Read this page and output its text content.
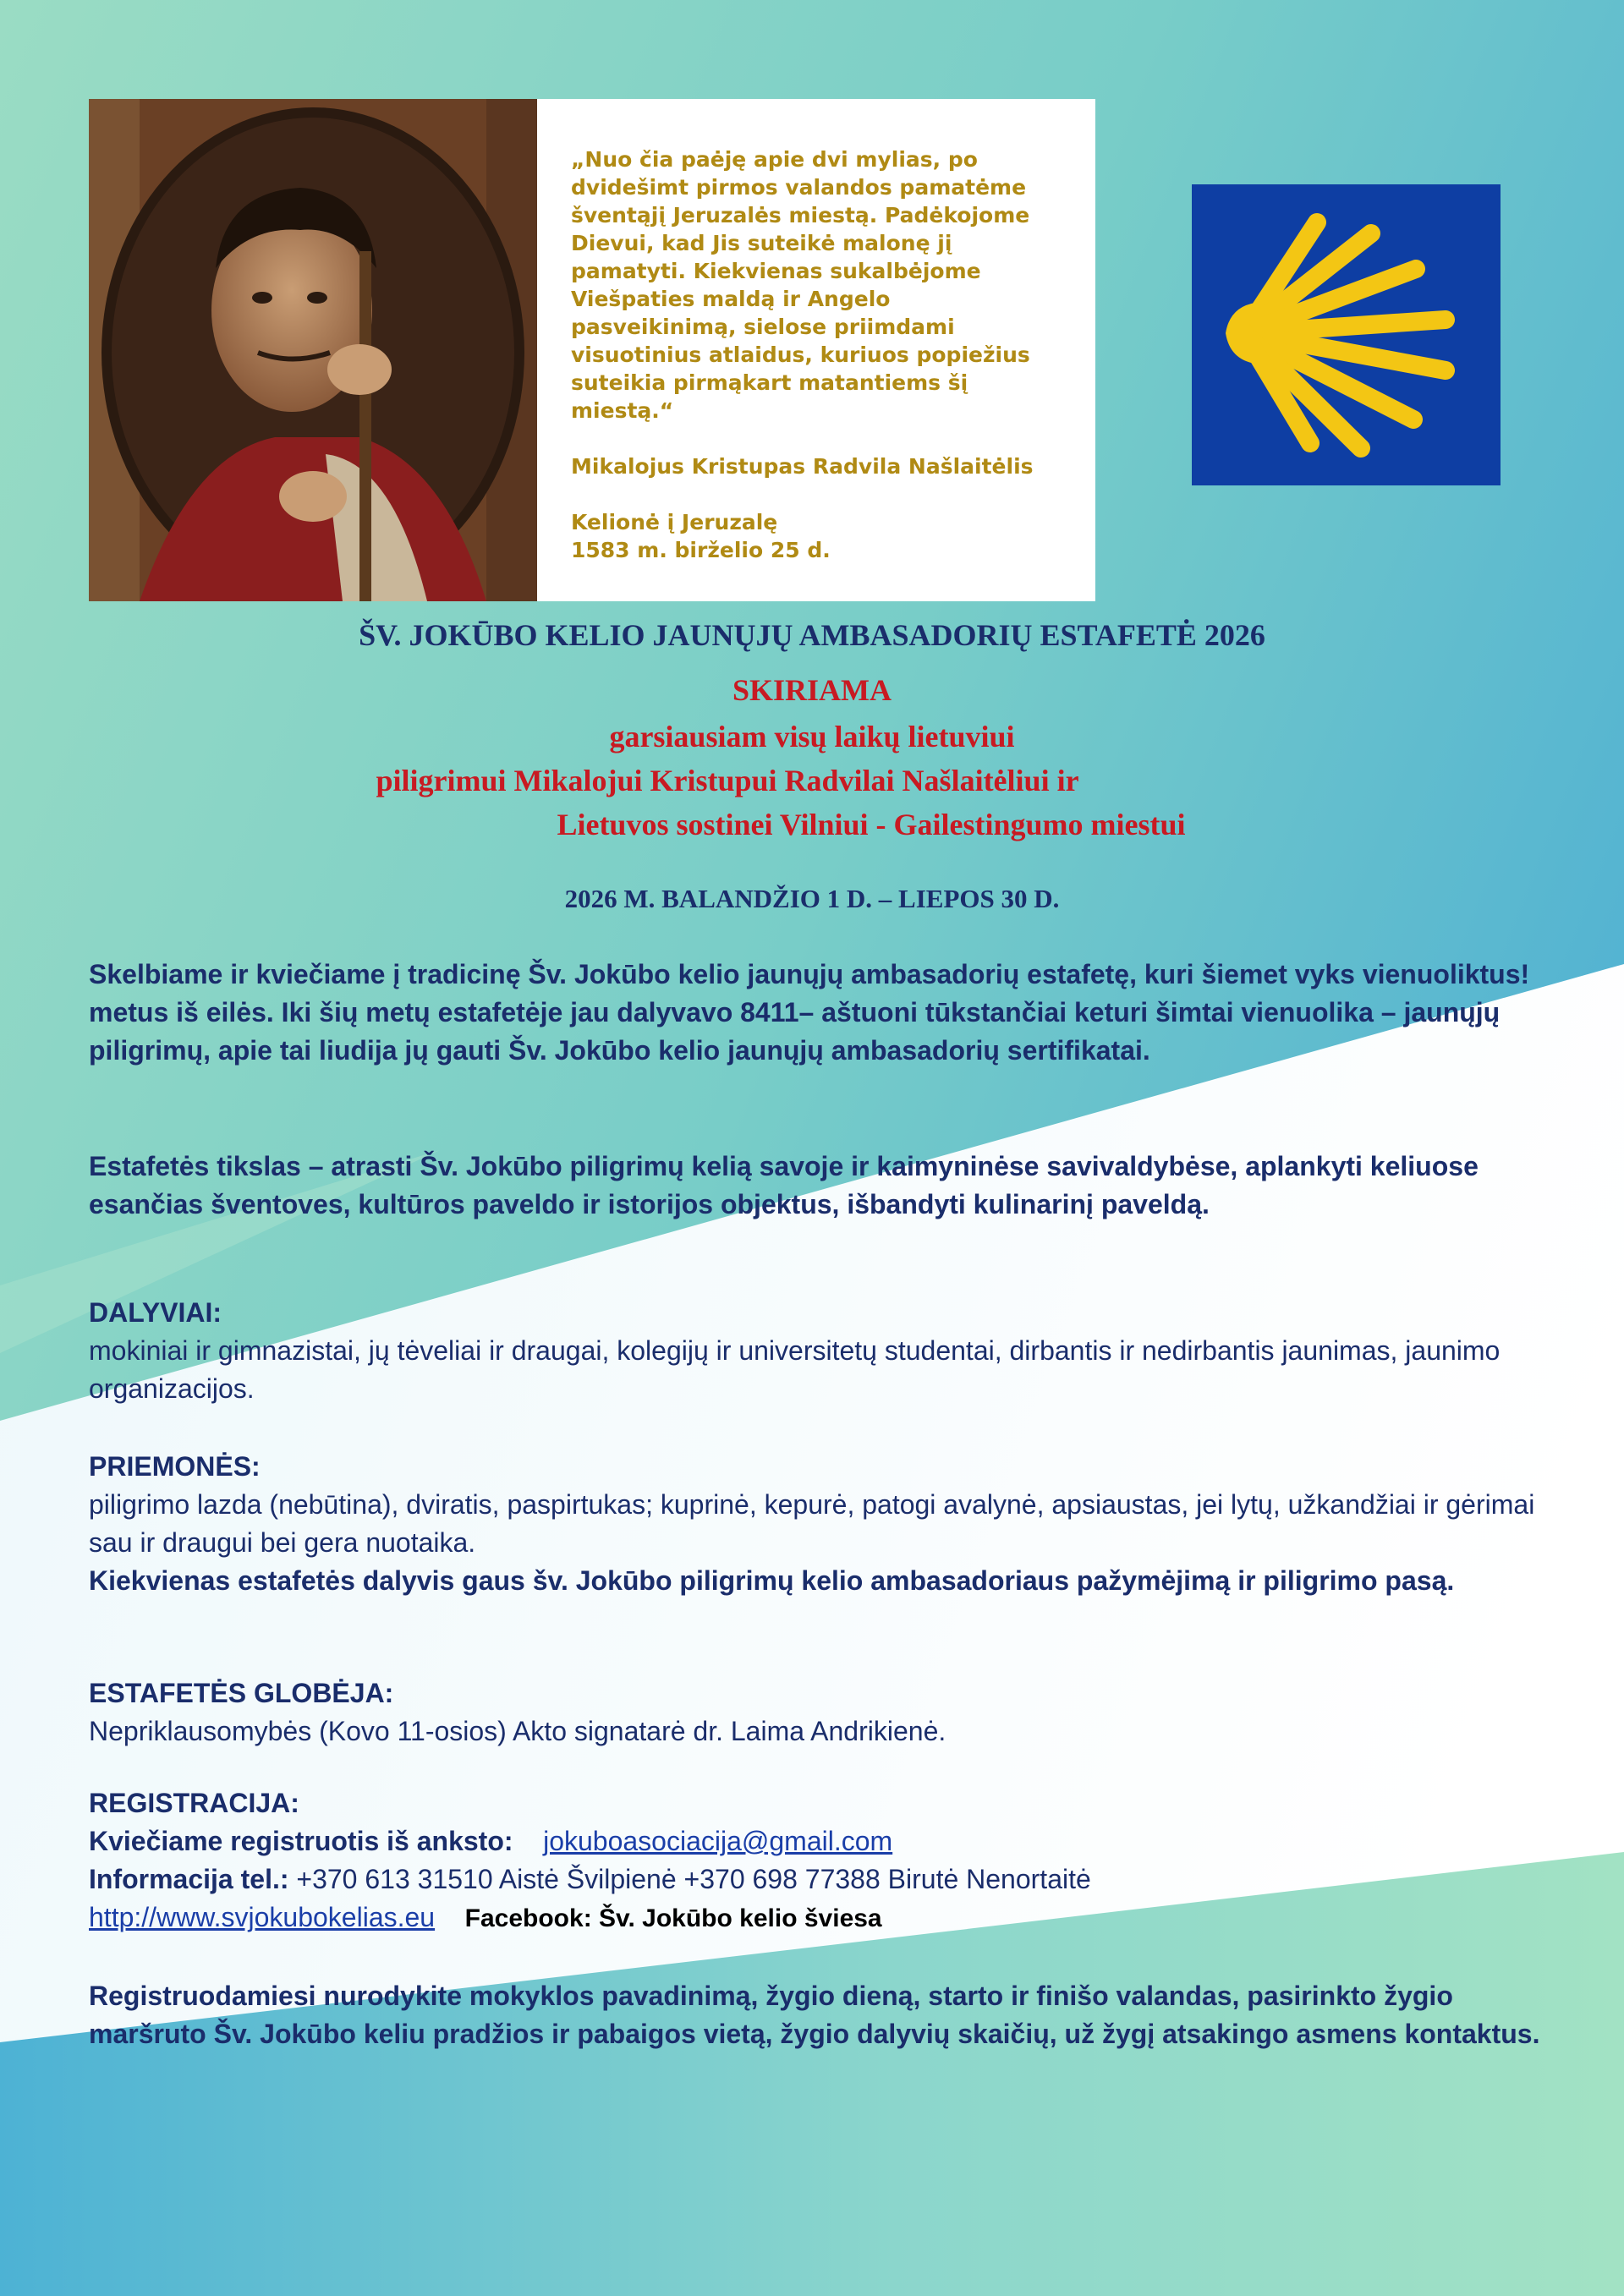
„Nuo čia paėję apie dvi mylias, po

dvidešimt pirmos valandos pamatėme

šventąjį Jeruzalės miestą. Padėkojome

Dievui, kad Jis suteikė malonę jį

pamatyti. Kiekvienas sukalbėjome

Viešpaties maldą ir Angelo

pasveikinimą, sielose priimdami

visuotinius atlaidus, kuriuos popiežius

suteikia pirmąkart matantiems šį

miestą.“

Mikalojus Kristupas Radvila Našlaitėlis

Kelionė į Jeruzalę

1583 m. birželio 25 d.

ŠV. JOKŪBO KELIO JAUNŲJŲ AMBASADORIŲ ESTAFETĖ 2026
SKIRIAMA
garsiausiam visų laikų lietuviui
piligrimui Mikalojui Kristupui Radvilai Našlaitėliui ir
Lietuvos sostinei Vilniui - Gailestingumo miestui
2026 M. BALANDŽIO 1 D. – LIEPOS 30 D.
Skelbiame ir kviečiame į tradicinę Šv. Jokūbo kelio jaunųjų ambasadorių estafetę, kuri šiemet vyks vienuoliktus! metus iš eilės. Iki šių metų estafetėje jau dalyvavo 8411– aštuoni tūkstančiai keturi šimtai vienuolika – jaunųjų piligrimų, apie tai liudija jų gauti Šv. Jokūbo kelio jaunųjų ambasadorių sertifikatai.
Estafetės tikslas – atrasti Šv. Jokūbo piligrimų kelią savoje ir kaimyninėse savivaldybėse, aplankyti keliuose esančias šventoves, kultūros paveldo ir istorijos objektus, išbandyti kulinarinį paveldą.

DALYVIAI:

mokiniai ir gimnazistai, jų tėveliai ir draugai, kolegijų ir universitetų studentai, dirbantis ir nedirbantis jaunimas, jaunimo organizacijos.

PRIEMONĖS:

piligrimo lazda (nebūtina), dviratis, paspirtukas; kuprinė, kepurė, patogi avalynė, apsiaustas, jei lytų, užkandžiai ir gėrimai sau ir draugui bei gera nuotaika.

Kiekvienas estafetės dalyvis gaus šv. Jokūbo piligrimų kelio ambasadoriaus pažymėjimą ir piligrimo pasą.

ESTAFETĖS GLOBĖJA:

Nepriklausomybės (Kovo 11-osios) Akto signatarė dr. Laima Andrikienė.

REGISTRACIJA:

Kviečiame registruotis iš anksto: jokuboasociacija@gmail.com

Informacija tel.: +370 613 31510 Aistė Švilpienė +370 698 77388 Birutė Nenortaitė

http://www.svjokubokelias.eu Facebook: Šv. Jokūbo kelio šviesa

Registruodamiesi nurodykite mokyklos pavadinimą, žygio dieną, starto ir finišo valandas, pasirinkto žygio maršruto Šv. Jokūbo keliu pradžios ir pabaigos vietą, žygio dalyvių skaičių, už žygį atsakingo asmens kontaktus.
